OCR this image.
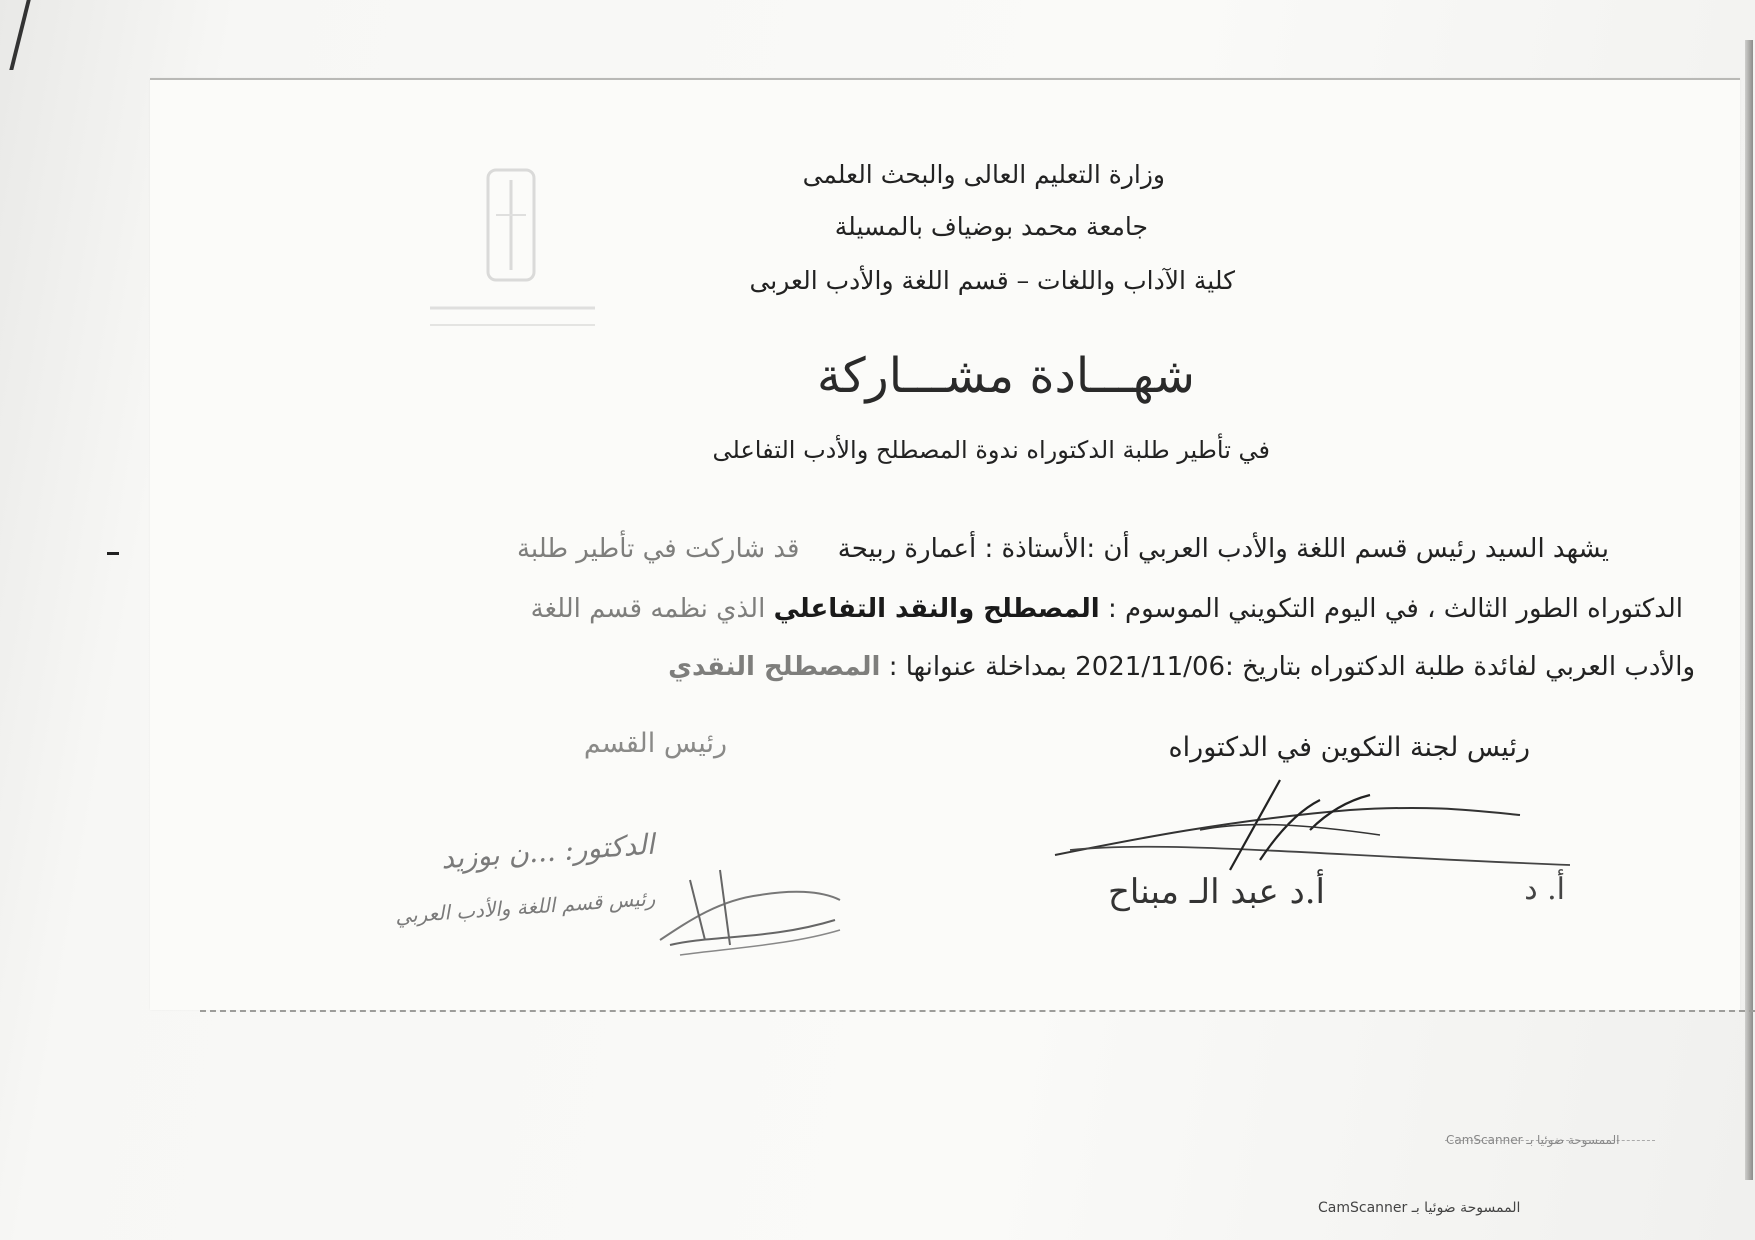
وزارة التعليم العالى والبحث العلمى
جامعة محمد بوضياف بالمسيلة
كلية الآداب واللغات – قسم اللغة والأدب العربى
شهـــادة مشـــاركة
في تأطير طلبة الدكتوراه ندوة المصطلح والأدب التفاعلى
يشهد السيد رئيس قسم اللغة والأدب العربي أن :الأستاذة : أعمارة ربيحة قد شاركت في تأطير طلبة
الدكتوراه الطور الثالث ، في اليوم التكويني الموسوم : المصطلح والنقد التفاعلي الذي نظمه قسم اللغة
والأدب العربي لفائدة طلبة الدكتوراه بتاريخ :2021/11/06 بمداخلة عنوانها : المصطلح النقدي
رئيس القسم	رئيس لجنة التكوين في الدكتوراه
الدكتور: ...ن بوزيد
رئيس قسم اللغة والأدب العربي	أ.د عبد الـ مبناح	أ. د
الممسوحة ضوئيا بـ CamScanner
CamScanner الممسوحة ضوئيا بـ
